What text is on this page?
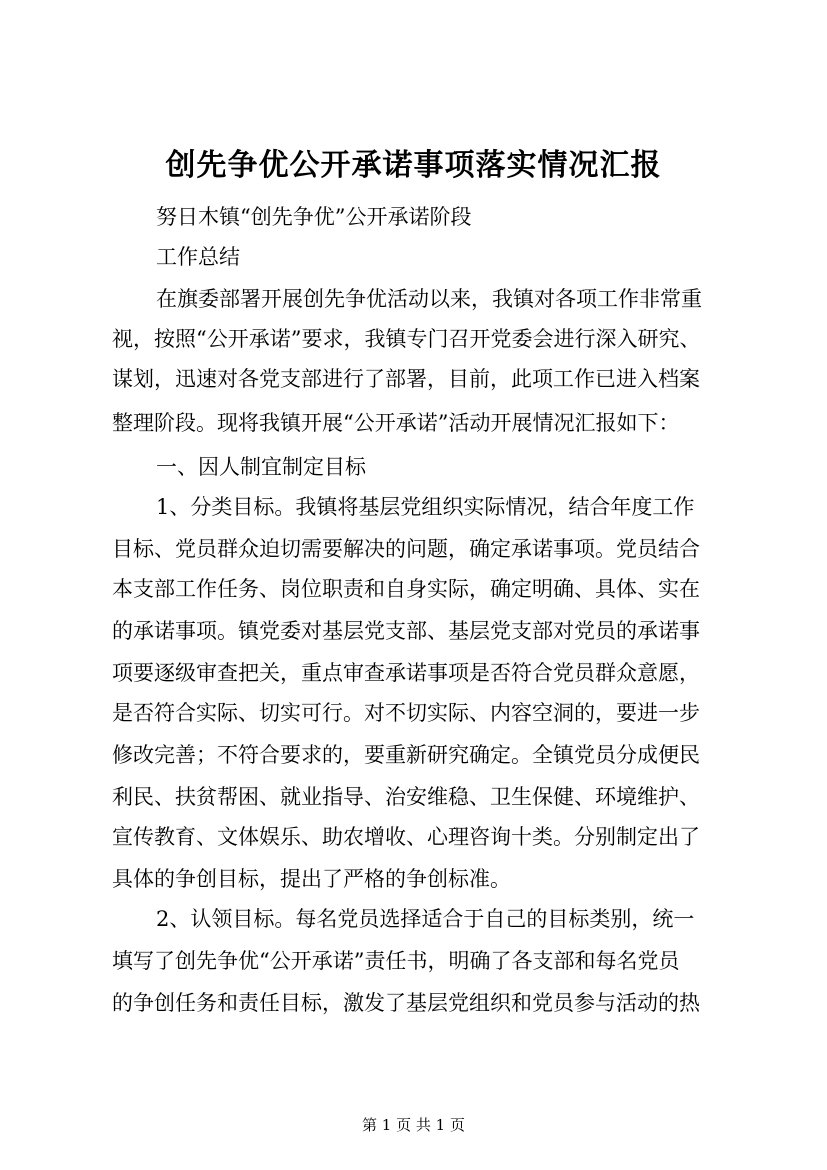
创先争优公开承诺事项落实情况汇报
努日木镇“创先争优”公开承诺阶段
工作总结
在旗委部署开展创先争优活动以来，我镇对各项工作非常重
视，按照“公开承诺”要求，我镇专门召开党委会进行深入研究、
谋划，迅速对各党支部进行了部署，目前，此项工作已进入档案
整理阶段。现将我镇开展“公开承诺”活动开展情况汇报如下：
一、因人制宜制定目标
1、分类目标。我镇将基层党组织实际情况，结合年度工作
目标、党员群众迫切需要解决的问题，确定承诺事项。党员结合
本支部工作任务、岗位职责和自身实际，确定明确、具体、实在
的承诺事项。镇党委对基层党支部、基层党支部对党员的承诺事
项要逐级审查把关，重点审查承诺事项是否符合党员群众意愿，
是否符合实际、切实可行。对不切实际、内容空洞的，要进一步
修改完善；不符合要求的，要重新研究确定。全镇党员分成便民
利民、扶贫帮困、就业指导、治安维稳、卫生保健、环境维护、
宣传教育、文体娱乐、助农增收、心理咨询十类。分别制定出了
具体的争创目标，提出了严格的争创标准。
2、认领目标。每名党员选择适合于自己的目标类别，统一
填写了创先争优“公开承诺”责任书，明确了各支部和每名党员
的争创任务和责任目标，激发了基层党组织和党员参与活动的热
第 1 页 共 1 页
